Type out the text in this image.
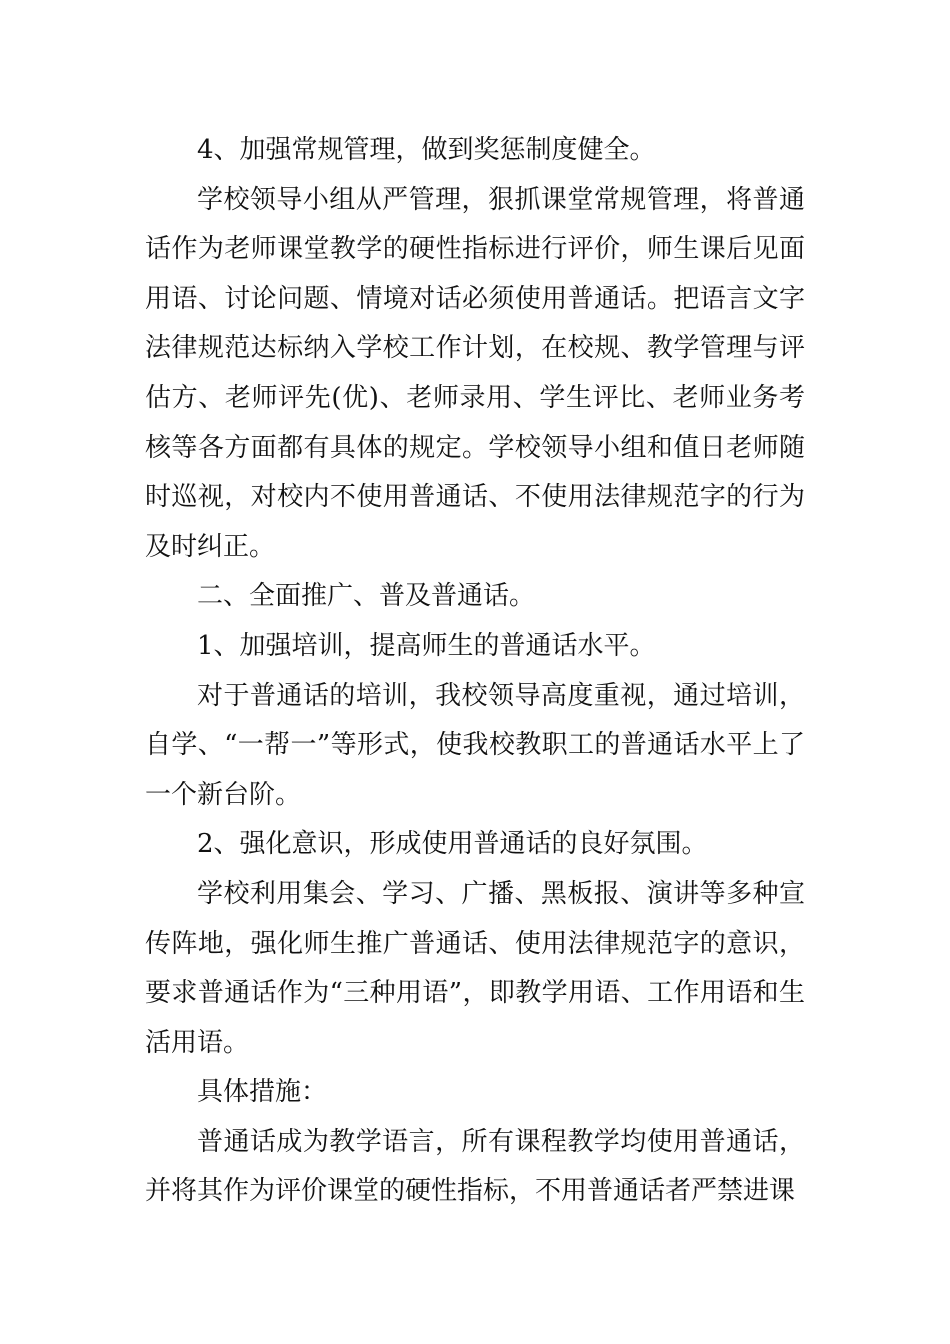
4、加强常规管理，做到奖惩制度健全。

学校领导小组从严管理，狠抓课堂常规管理，将普通话作为老师课堂教学的硬性指标进行评价，师生课后见面用语、讨论问题、情境对话必须使用普通话。把语言文字法律规范达标纳入学校工作计划，在校规、教学管理与评估方、老师评先(优)、老师录用、学生评比、老师业务考核等各方面都有具体的规定。学校领导小组和值日老师随时巡视，对校内不使用普通话、不使用法律规范字的行为及时纠正。

二、全面推广、普及普通话。

1、加强培训，提高师生的普通话水平。

对于普通话的培训，我校领导高度重视，通过培训，自学、“一帮一”等形式，使我校教职工的普通话水平上了一个新台阶。

2、强化意识，形成使用普通话的良好氛围。

学校利用集会、学习、广播、黑板报、演讲等多种宣传阵地，强化师生推广普通话、使用法律规范字的意识，要求普通话作为“三种用语”，即教学用语、工作用语和生活用语。

具体措施：

普通话成为教学语言，所有课程教学均使用普通话，并将其作为评价课堂的硬性指标，不用普通话者严禁进课
